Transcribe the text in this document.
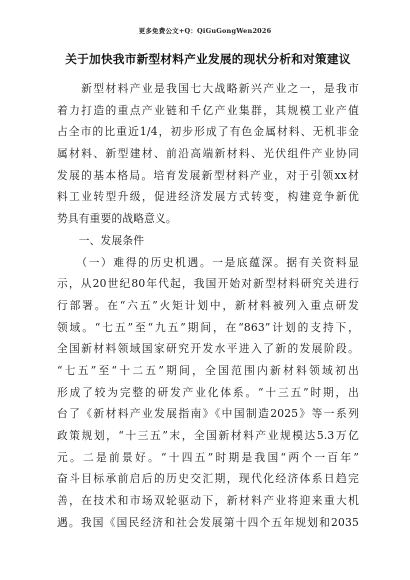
更多免费公文+Q：QiGuGongWen2026
关于加快我市新型材料产业发展的现状分析和对策建议
　　新型材料产业是我国七大战略新兴产业之一，是我市
着力打造的重点产业链和千亿产业集群，其规模工业产值
占全市的比重近1/4，初步形成了有色金属材料、无机非金
属材料、新型建材、前沿高端新材料、光伏组件产业协同
发展的基本格局。培育发展新型材料产业，对于引领xx材
料工业转型升级，促进经济发展方式转变，构建竞争新优
势具有重要的战略意义。
　　一、发展条件
　　（一）难得的历史机遇。一是底蕴深。据有关资料显
示，从20世纪80年代起，我国开始对新型材料研究关进行
行部署。在“六五”火矩计划中，新材料被列入重点研发
领域。“七五”至“九五”期间，在“863”计划的支持下，
全国新材料领域国家研究开发水平进入了新的发展阶段。
“七五”至“十二五”期间，全国范围内新材料领域初出
形成了较为完整的研发产业化体系。“十三五”时期，出
台了《新材料产业发展指南》《中国制造2025》等一系列
政策规划，“十三五”末，全国新材料产业规模达5.3万亿
元。二是前景好。“十四五”时期是我国“两个一百年”
奋斗目标承前启后的历史交汇期，现代化经济体系日趋完
善，在技术和市场双轮驱动下，新材料产业将迎来重大机
遇。我国《国民经济和社会发展第十四个五年规划和2035
